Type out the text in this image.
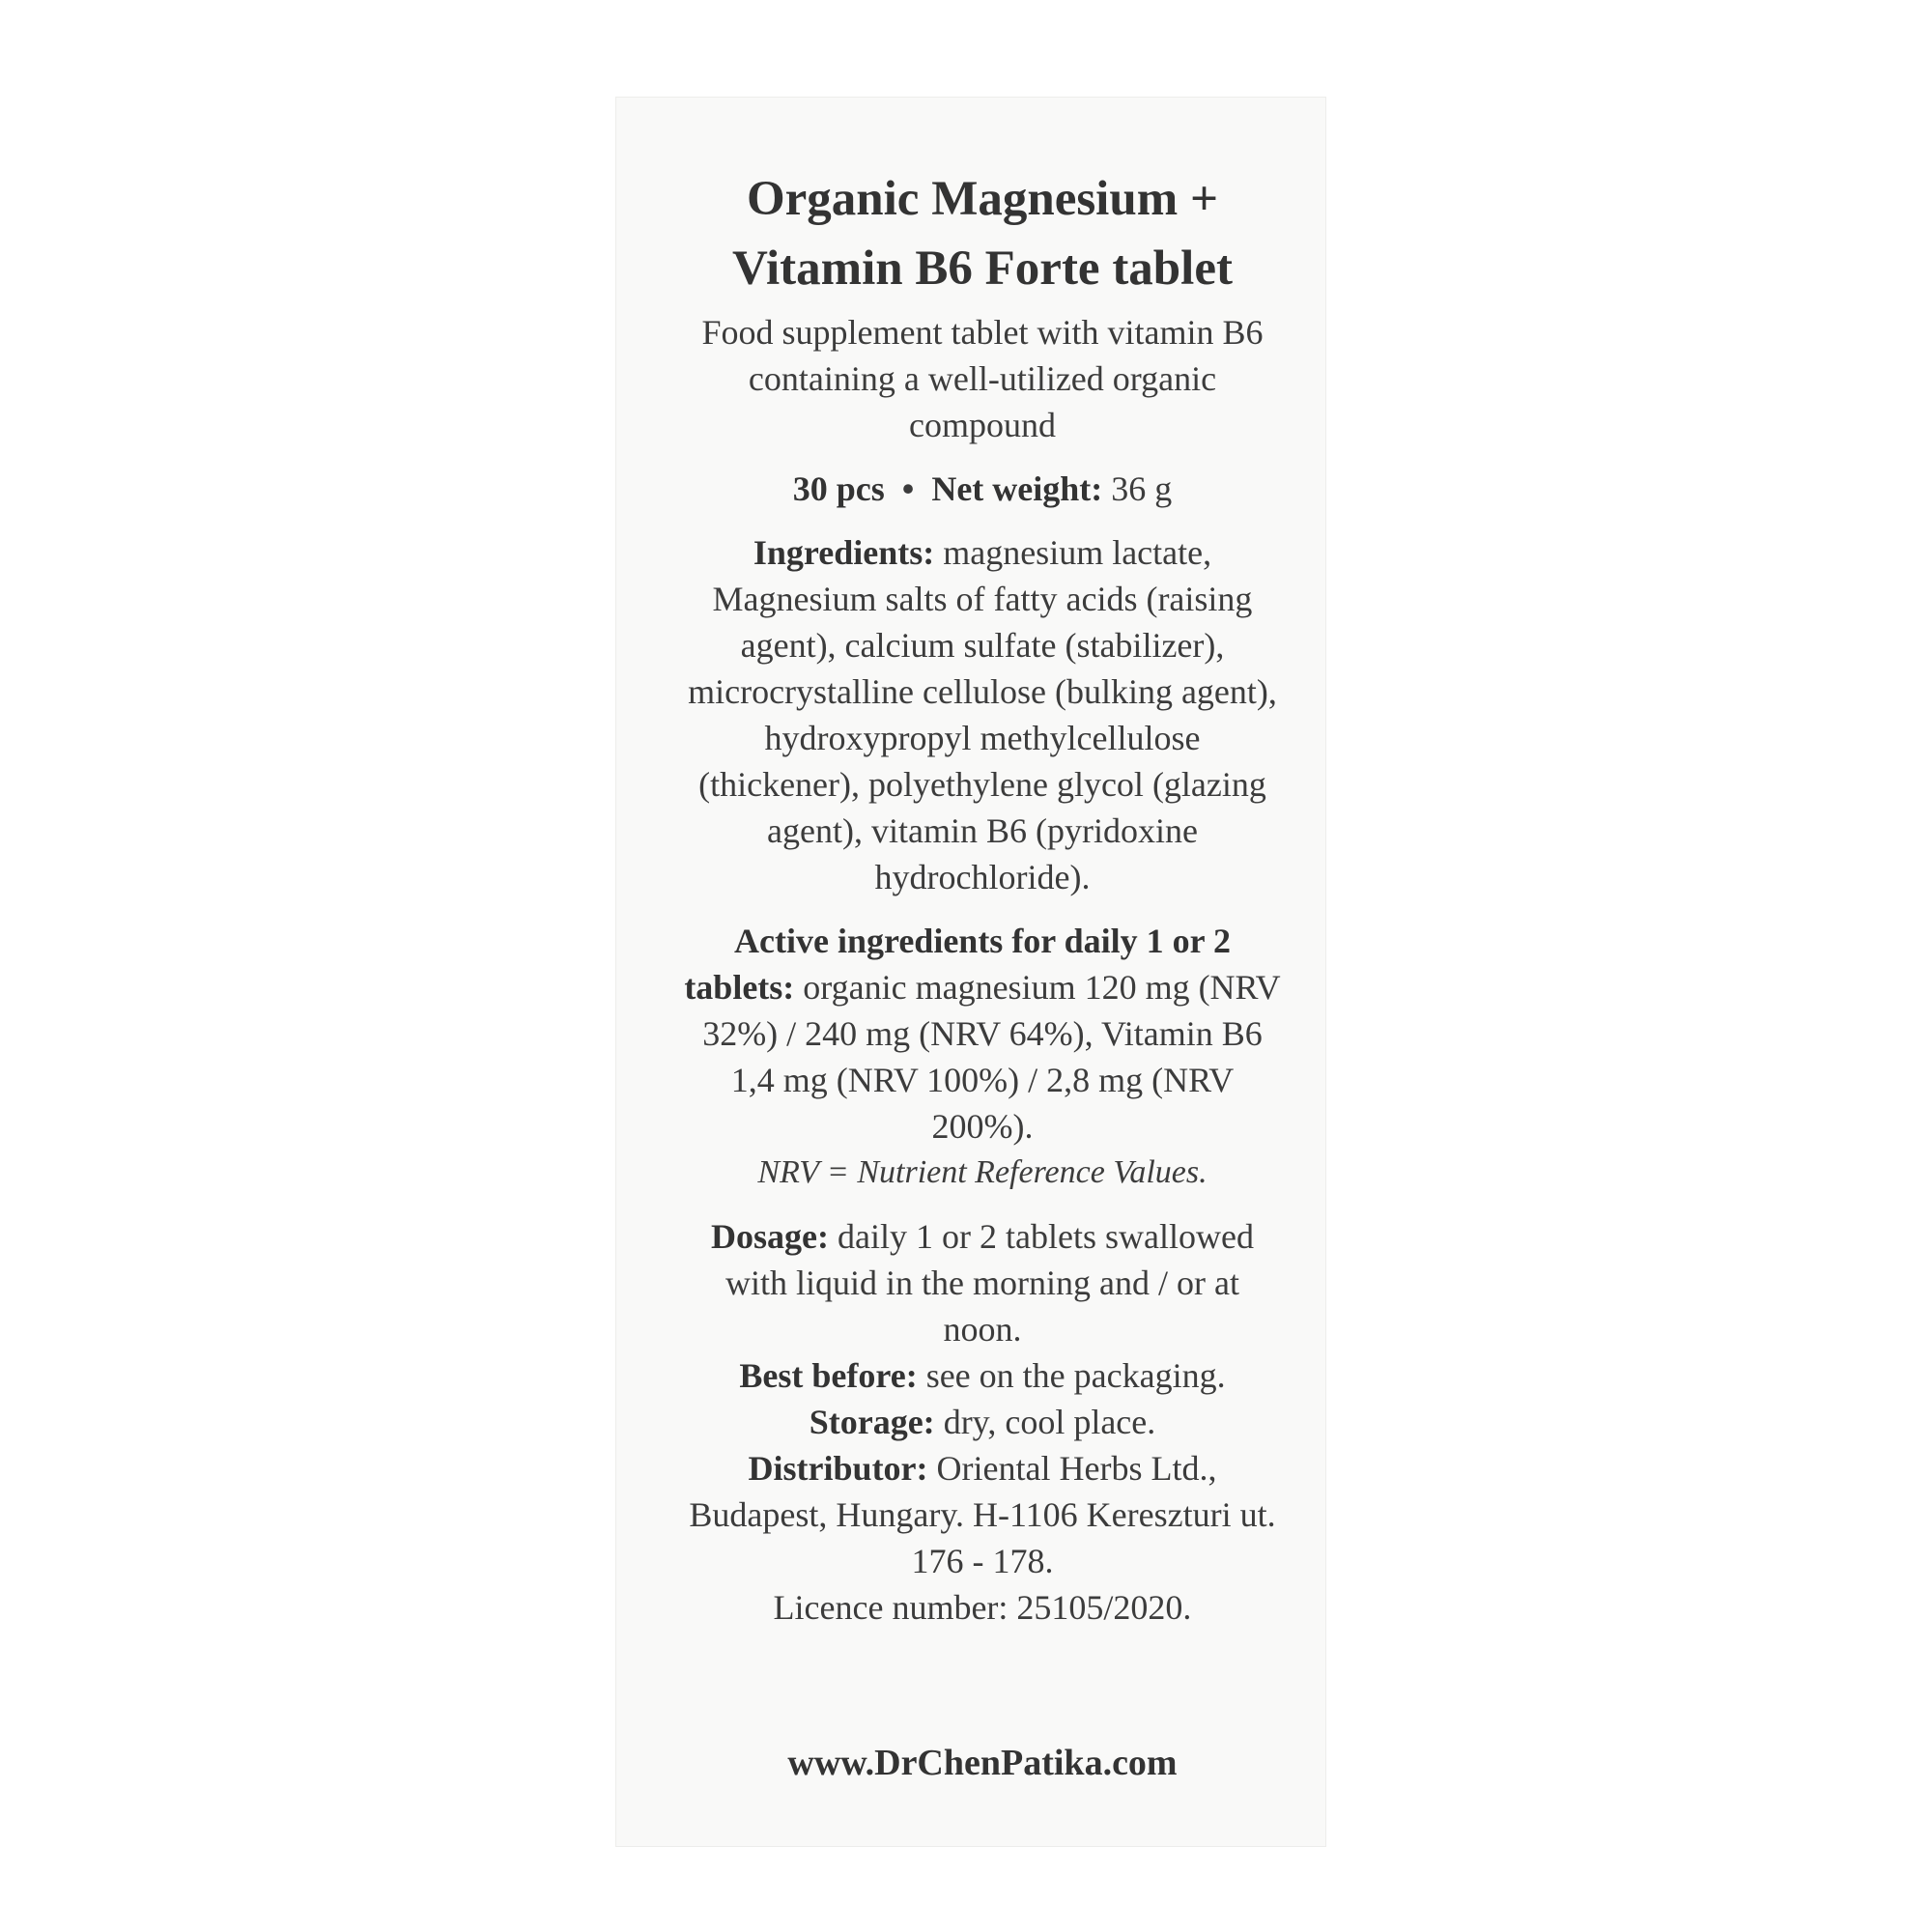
Organic Magnesium +
Vitamin B6 Forte tablet

Food supplement tablet with vitamin B6 containing a well-utilized organic compound

30 pcs • Net weight: 36 g

Ingredients: magnesium lactate, Magnesium salts of fatty acids (raising agent), calcium sulfate (stabilizer), microcrystalline cellulose (bulking agent), hydroxypropyl methylcellulose (thickener), polyethylene glycol (glazing agent), vitamin B6 (pyridoxine hydrochloride).

Active ingredients for daily 1 or 2 tablets: organic magnesium 120 mg (NRV 32%) / 240 mg (NRV 64%), Vitamin B6 1,4 mg (NRV 100%) / 2,8 mg (NRV 200%).

NRV = Nutrient Reference Values.

Dosage: daily 1 or 2 tablets swallowed with liquid in the morning and / or at noon.

Best before: see on the packaging.

Storage: dry, cool place.

Distributor: Oriental Herbs Ltd., Budapest, Hungary. H-1106 Kereszturi ut. 176 - 178.

Licence number: 25105/2020.

www.DrChenPatika.com
